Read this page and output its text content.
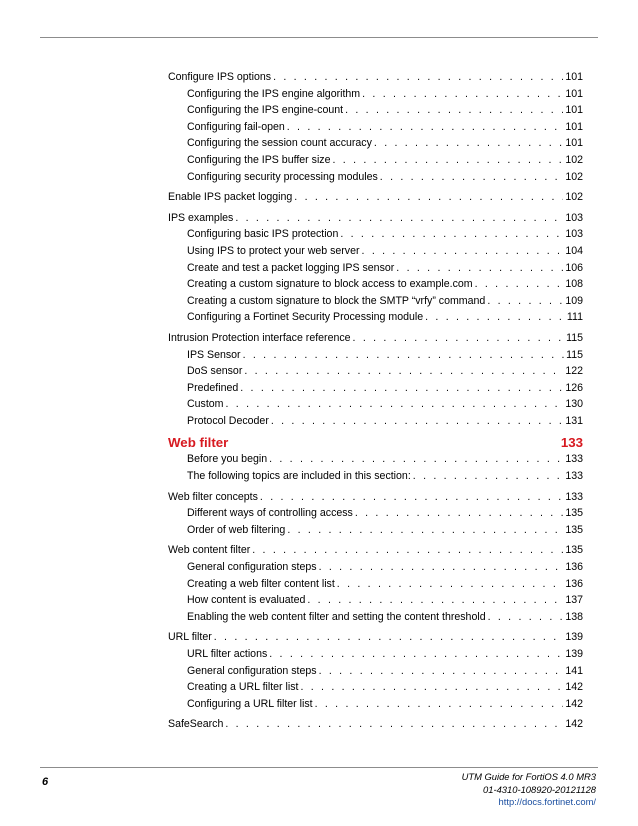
Configure IPS options . . .	101
Configuring the IPS engine algorithm . . .	101
Configuring the IPS engine-count . . .	101
Configuring fail-open . . .	101
Configuring the session count accuracy . . .	101
Configuring the IPS buffer size . . .	102
Configuring security processing modules . . .	102
Enable IPS packet logging . . .	102
IPS examples . . .	103
Configuring basic IPS protection . . .	103
Using IPS to protect your web server . . .	104
Create and test a packet logging IPS sensor . . .	106
Creating a custom signature to block access to example.com . . .	108
Creating a custom signature to block the SMTP “vrfy” command . . .	109
Configuring a Fortinet Security Processing module . . .	111
Intrusion Protection interface reference . . .	115
IPS Sensor . . .	115
DoS sensor . . .	122
Predefined . . .	126
Custom . . .	130
Protocol Decoder . . .	131
Web filter	133
Before you begin . . .	133
The following topics are included in this section: . . .	133
Web filter concepts . . .	133
Different ways of controlling access . . .	135
Order of web filtering . . .	135
Web content filter . . .	135
General configuration steps . . .	136
Creating a web filter content list . . .	136
How content is evaluated . . .	137
Enabling the web content filter and setting the content threshold . . .	138
URL filter . . .	139
URL filter actions . . .	139
General configuration steps . . .	141
Creating a URL filter list . . .	142
Configuring a URL filter list . . .	142
SafeSearch . . .	142
6	UTM Guide for FortiOS 4.0 MR3
01-4310-108920-20121128
http://docs.fortinet.com/
